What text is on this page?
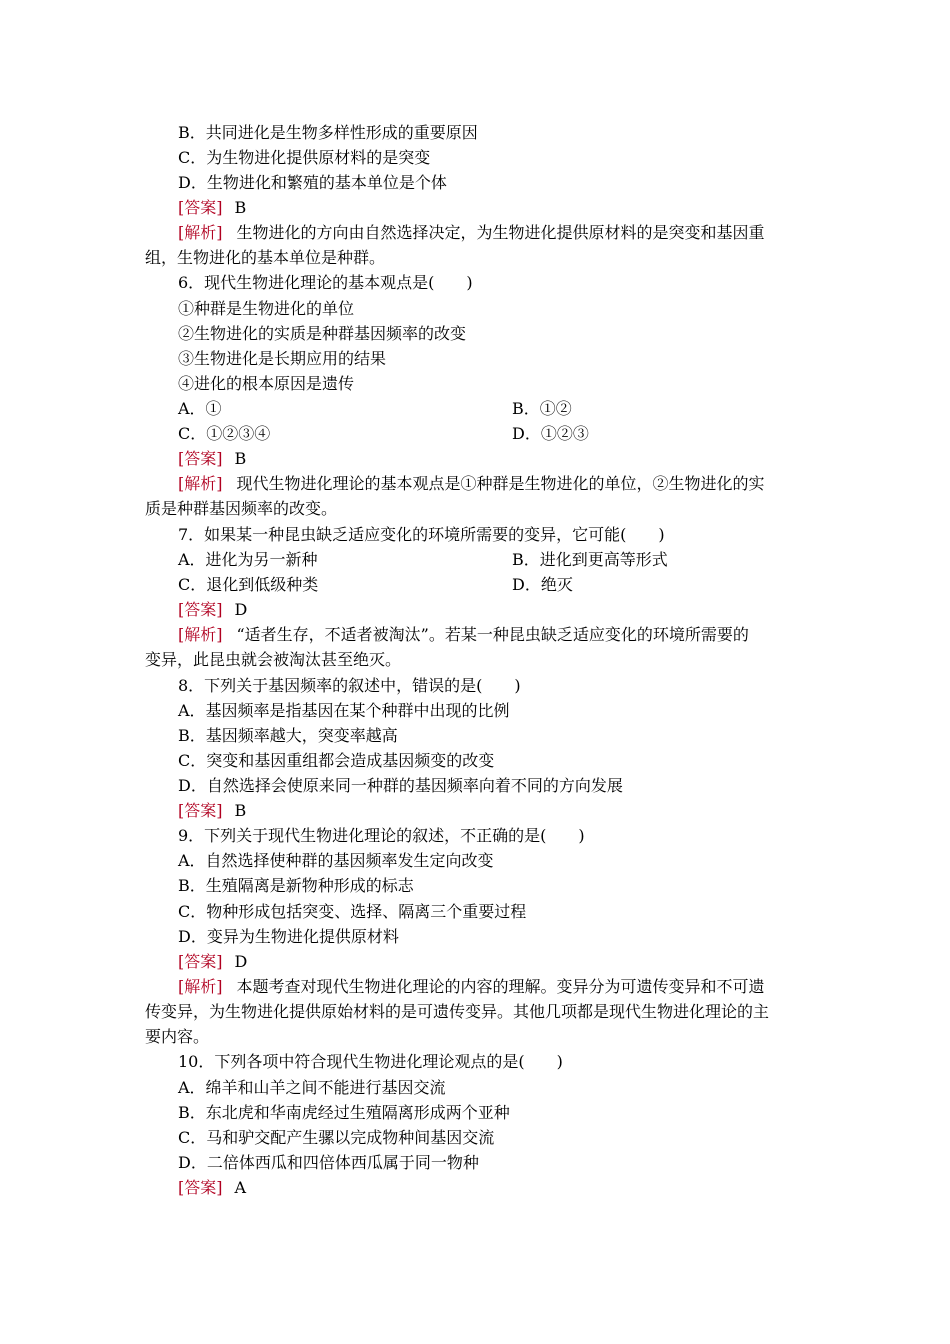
B．共同进化是生物多样性形成的重要原因
C．为生物进化提供原材料的是突变
D．生物进化和繁殖的基本单位是个体
[答案] B
[解析] 生物进化的方向由自然选择决定，为生物进化提供原材料的是突变和基因重
组，生物进化的基本单位是种群。
6．现代生物进化理论的基本观点是(　　)
①种群是生物进化的单位
②生物进化的实质是种群基因频率的改变
③生物进化是长期应用的结果
④进化的根本原因是遗传
A．①	B．①②
C．①②③④	D．①②③
[答案] B
[解析] 现代生物进化理论的基本观点是①种群是生物进化的单位，②生物进化的实
质是种群基因频率的改变。
7．如果某一种昆虫缺乏适应变化的环境所需要的变异，它可能(　　)
A．进化为另一新种	B．进化到更高等形式
C．退化到低级种类	D．绝灭
[答案] D
[解析] “适者生存，不适者被淘汰”。若某一种昆虫缺乏适应变化的环境所需要的
变异，此昆虫就会被淘汰甚至绝灭。
8．下列关于基因频率的叙述中，错误的是(　　)
A．基因频率是指基因在某个种群中出现的比例
B．基因频率越大，突变率越高
C．突变和基因重组都会造成基因频变的改变
D．自然选择会使原来同一种群的基因频率向着不同的方向发展
[答案] B
9．下列关于现代生物进化理论的叙述，不正确的是(　　)
A．自然选择使种群的基因频率发生定向改变
B．生殖隔离是新物种形成的标志
C．物种形成包括突变、选择、隔离三个重要过程
D．变异为生物进化提供原材料
[答案] D
[解析] 本题考查对现代生物进化理论的内容的理解。变异分为可遗传变异和不可遗
传变异，为生物进化提供原始材料的是可遗传变异。其他几项都是现代生物进化理论的主
要内容。
10．下列各项中符合现代生物进化理论观点的是(　　)
A．绵羊和山羊之间不能进行基因交流
B．东北虎和华南虎经过生殖隔离形成两个亚种
C．马和驴交配产生骡以完成物种间基因交流
D．二倍体西瓜和四倍体西瓜属于同一物种
[答案] A
